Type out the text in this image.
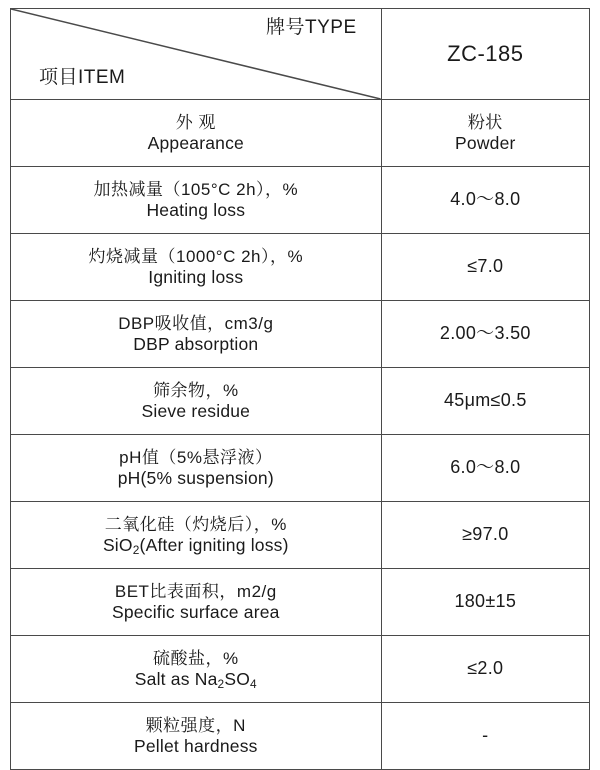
牌号TYPE
项目ITEM	ZC-185

外 观
Appearance	粉状
Powder

加热减量（105°C 2h），%
Heating loss	4.0～8.0

灼烧减量（1000°C 2h），%
Igniting loss	≤7.0

DBP吸收值，cm3/g
DBP absorption	2.00～3.50

筛余物，%
Sieve residue	45μm≤0.5

pH值（5%悬浮液）
pH(5% suspension)	6.0～8.0

二氧化硅（灼烧后），%
SiO$_2$(After igniting loss)	≥97.0

BET比表面积，m2/g
Specific surface area	180±15

硫酸盐，%
Salt as $Na_2SO_4$	≤2.0

颗粒强度，N
Pellet hardness	-
